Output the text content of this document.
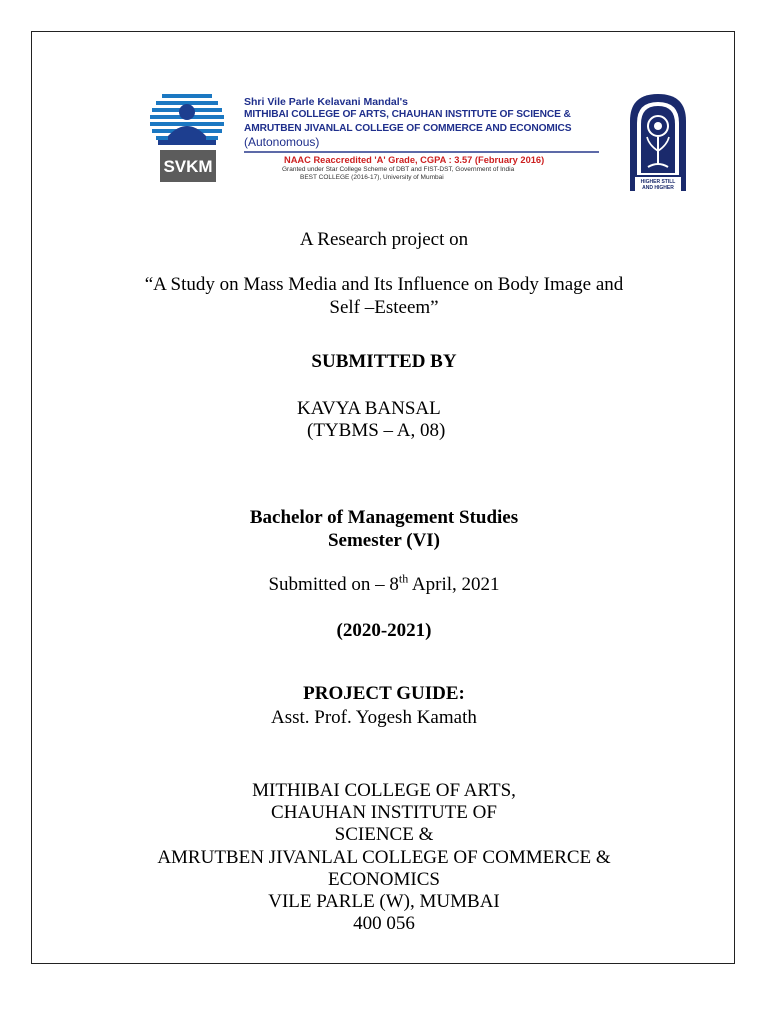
SVKM
Shri Vile Parle Kelavani Mandal's
MITHIBAI COLLEGE OF ARTS, CHAUHAN INSTITUTE OF SCIENCE &
AMRUTBEN JIVANLAL COLLEGE OF COMMERCE AND ECONOMICS
(Autonomous)
NAAC Reaccredited 'A' Grade, CGPA : 3.57 (February 2016)
Granted under Star College Scheme of DBT and FIST-DST, Government of India
BEST COLLEGE (2016-17), University of Mumbai
HIGHER STILL AND HIGHER
A Research project on
“A Study on Mass Media and Its Influence on Body Image and
Self –Esteem”
SUBMITTED BY
KAVYA BANSAL
(TYBMS – A, 08)
Bachelor of Management Studies
Semester (VI)
Submitted on – 8th April, 2021
(2020-2021)
PROJECT GUIDE:
Asst. Prof. Yogesh Kamath
MITHIBAI COLLEGE OF ARTS,
CHAUHAN INSTITUTE OF
SCIENCE &
AMRUTBEN JIVANLAL COLLEGE OF COMMERCE &
ECONOMICS
VILE PARLE (W), MUMBAI
400 056
